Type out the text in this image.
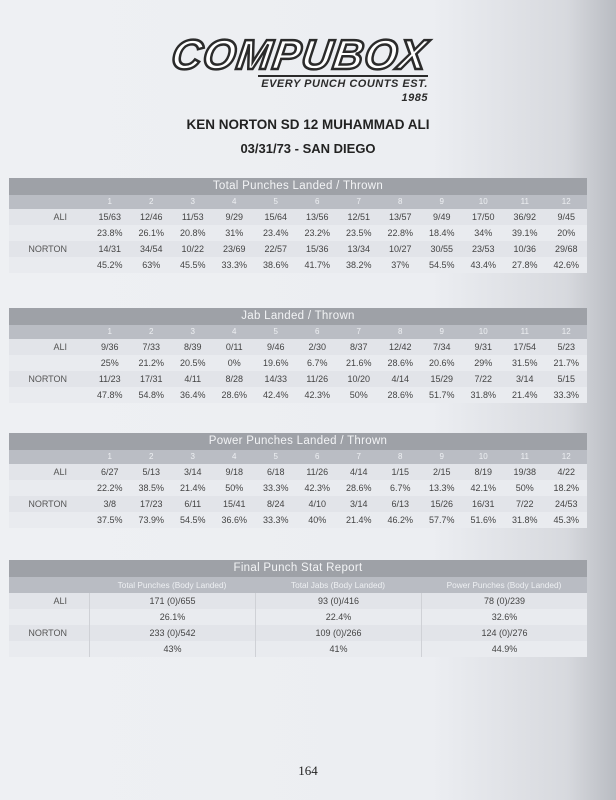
COMPUBOX
EVERY PUNCH COUNTS EST. 1985
KEN NORTON SD 12 MUHAMMAD ALI
03/31/73 - SAN DIEGO
Total Punches Landed / Thrown
1	2	3	4	5	6	7	8	9	10	11	12
ALI	15/63	12/46	11/53	9/29	15/64	13/56	12/51	13/57	9/49	17/50	36/92	9/45
23.8%	26.1%	20.8%	31%	23.4%	23.2%	23.5%	22.8%	18.4%	34%	39.1%	20%
NORTON	14/31	34/54	10/22	23/69	22/57	15/36	13/34	10/27	30/55	23/53	10/36	29/68
45.2%	63%	45.5%	33.3%	38.6%	41.7%	38.2%	37%	54.5%	43.4%	27.8%	42.6%
Jab Landed / Thrown
1	2	3	4	5	6	7	8	9	10	11	12
ALI	9/36	7/33	8/39	0/11	9/46	2/30	8/37	12/42	7/34	9/31	17/54	5/23
25%	21.2%	20.5%	0%	19.6%	6.7%	21.6%	28.6%	20.6%	29%	31.5%	21.7%
NORTON	11/23	17/31	4/11	8/28	14/33	11/26	10/20	4/14	15/29	7/22	3/14	5/15
47.8%	54.8%	36.4%	28.6%	42.4%	42.3%	50%	28.6%	51.7%	31.8%	21.4%	33.3%
Power Punches Landed / Thrown
1	2	3	4	5	6	7	8	9	10	11	12
ALI	6/27	5/13	3/14	9/18	6/18	11/26	4/14	1/15	2/15	8/19	19/38	4/22
22.2%	38.5%	21.4%	50%	33.3%	42.3%	28.6%	6.7%	13.3%	42.1%	50%	18.2%
NORTON	3/8	17/23	6/11	15/41	8/24	4/10	3/14	6/13	15/26	16/31	7/22	24/53
37.5%	73.9%	54.5%	36.6%	33.3%	40%	21.4%	46.2%	57.7%	51.6%	31.8%	45.3%
Final Punch Stat Report
Total Punches (Body Landed)	Total Jabs (Body Landed)	Power Punches (Body Landed)
ALI	171 (0)/655	93 (0)/416	78 (0)/239
26.1%	22.4%	32.6%
NORTON	233 (0)/542	109 (0)/266	124 (0)/276
43%	41%	44.9%
164
